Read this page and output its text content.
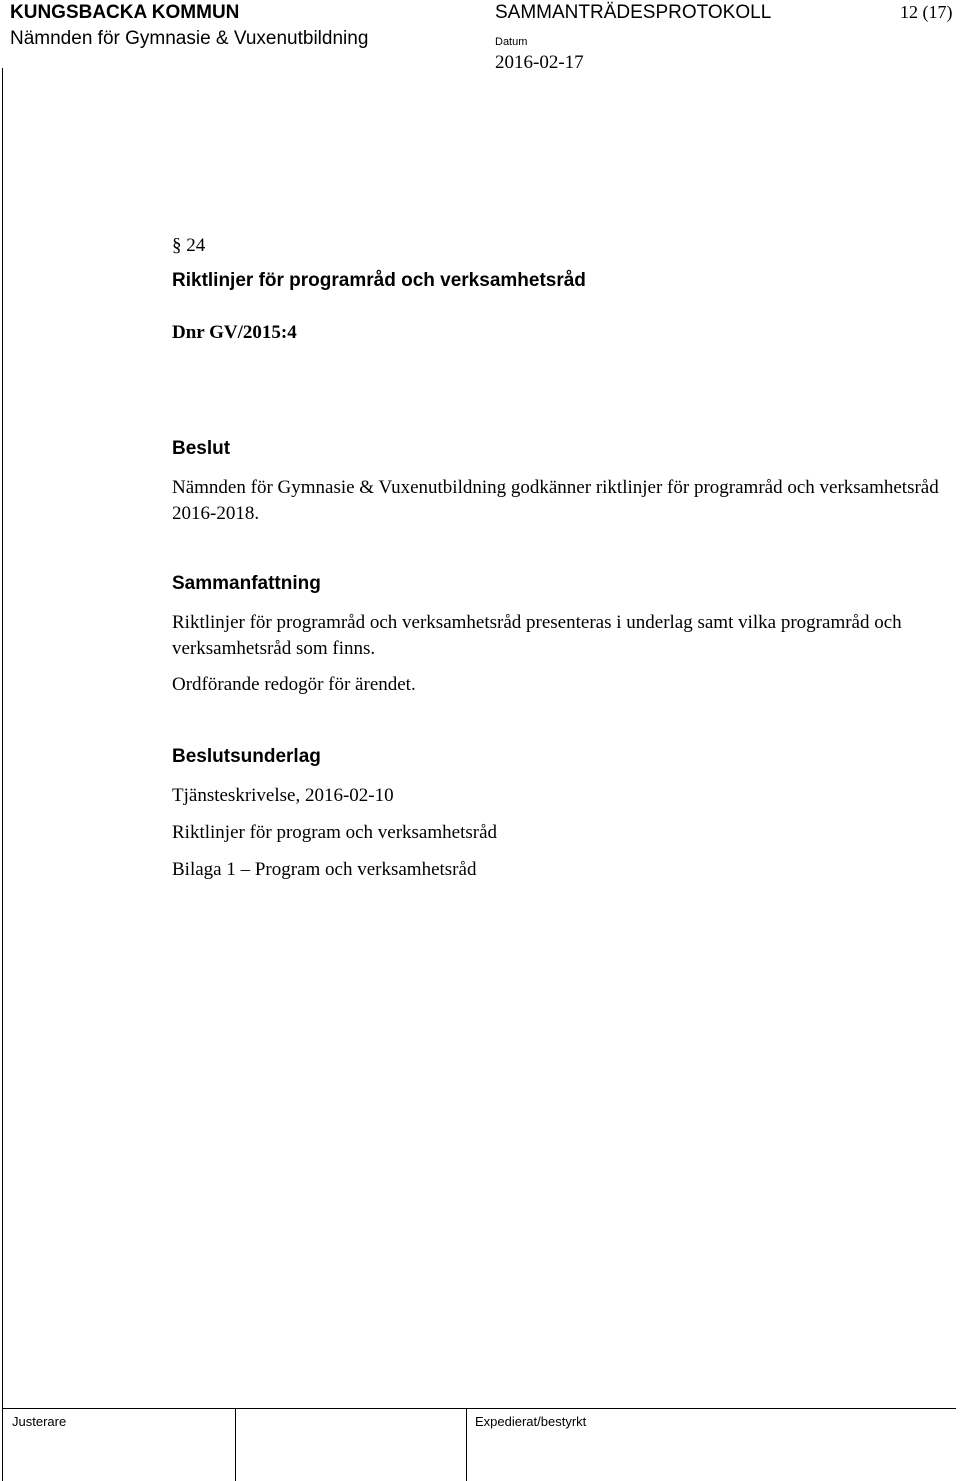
KUNGSBACKA KOMMUN
Nämnden för Gymnasie & Vuxenutbildning
SAMMANTRÄDESPROTOKOLL	12 (17)
Datum
2016-02-17
§ 24
Riktlinjer för programråd och verksamhetsråd
Dnr GV/2015:4
Beslut
Nämnden för Gymnasie & Vuxenutbildning godkänner riktlinjer för programråd och verksamhetsråd 2016-2018.
Sammanfattning
Riktlinjer för programråd och verksamhetsråd presenteras i underlag samt vilka programråd och verksamhetsråd som finns.
Ordförande redogör för ärendet.
Beslutsunderlag
Tjänsteskrivelse, 2016-02-10
Riktlinjer för program och verksamhetsråd
Bilaga 1 – Program och verksamhetsråd
Justerare	Expedierat/bestyrkt
